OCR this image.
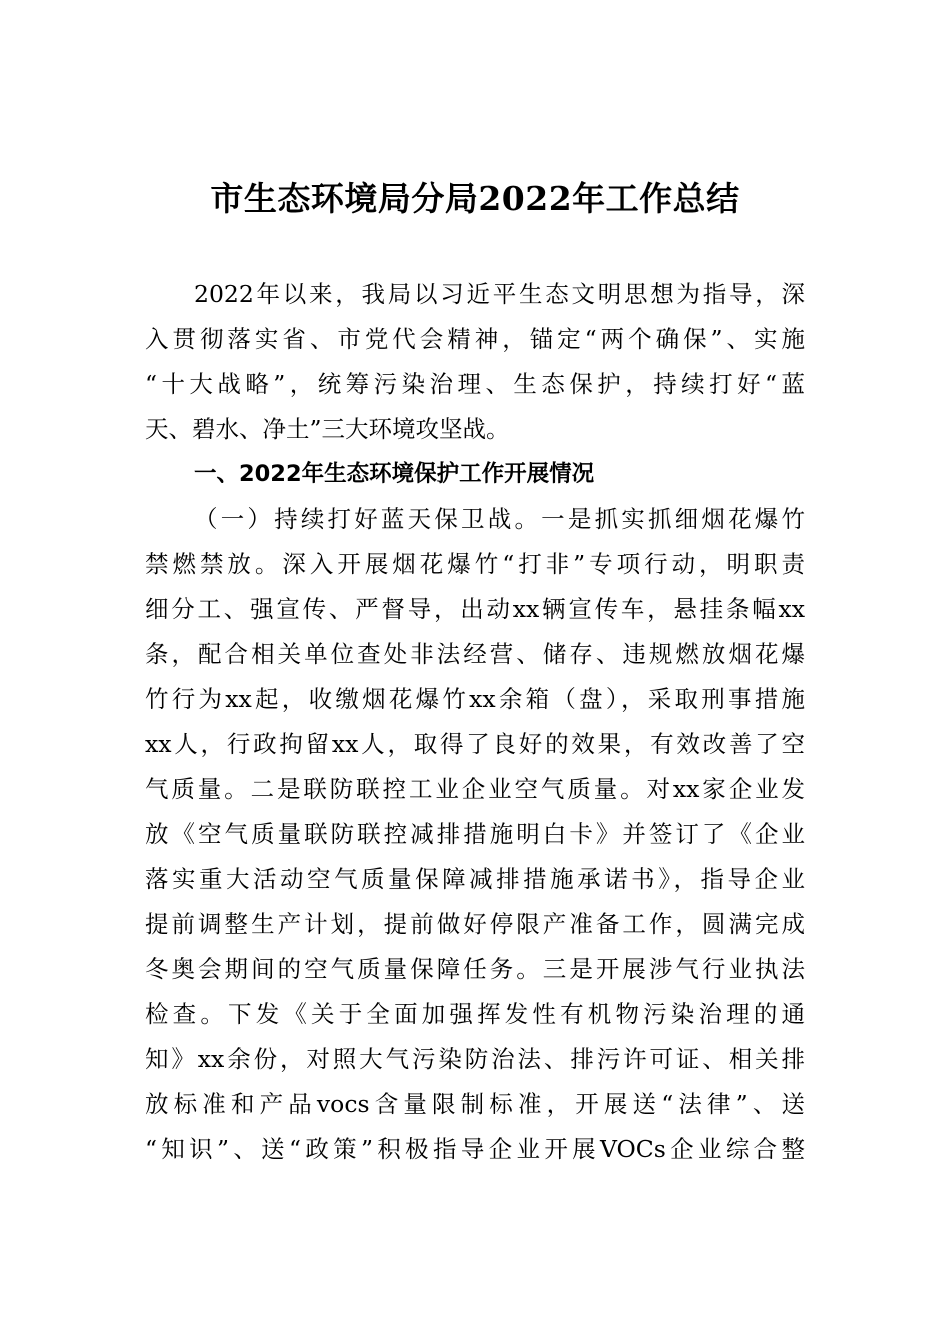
市生态环境局分局2022年工作总结
2022年以来，我局以习近平生态文明思想为指导，深
入贯彻落实省、市党代会精神，锚定“两个确保”、实施
“十大战略”，统筹污染治理、生态保护，持续打好“蓝
天、碧水、净土”三大环境攻坚战。
一、2022年生态环境保护工作开展情况
（一）持续打好蓝天保卫战。一是抓实抓细烟花爆竹
禁燃禁放。深入开展烟花爆竹“打非”专项行动，明职责
细分工、强宣传、严督导，出动xx辆宣传车，悬挂条幅xx
条，配合相关单位查处非法经营、储存、违规燃放烟花爆
竹行为xx起，收缴烟花爆竹xx余箱（盘），采取刑事措施
xx人，行政拘留xx人，取得了良好的效果，有效改善了空
气质量。二是联防联控工业企业空气质量。对xx家企业发
放《空气质量联防联控减排措施明白卡》并签订了《企业
落实重大活动空气质量保障减排措施承诺书》，指导企业
提前调整生产计划，提前做好停限产准备工作，圆满完成
冬奥会期间的空气质量保障任务。三是开展涉气行业执法
检查。下发《关于全面加强挥发性有机物污染治理的通
知》xx余份，对照大气污染防治法、排污许可证、相关排
放标准和产品vocs含量限制标准，开展送“法律”、送
“知识”、送“政策”积极指导企业开展VOCs企业综合整
